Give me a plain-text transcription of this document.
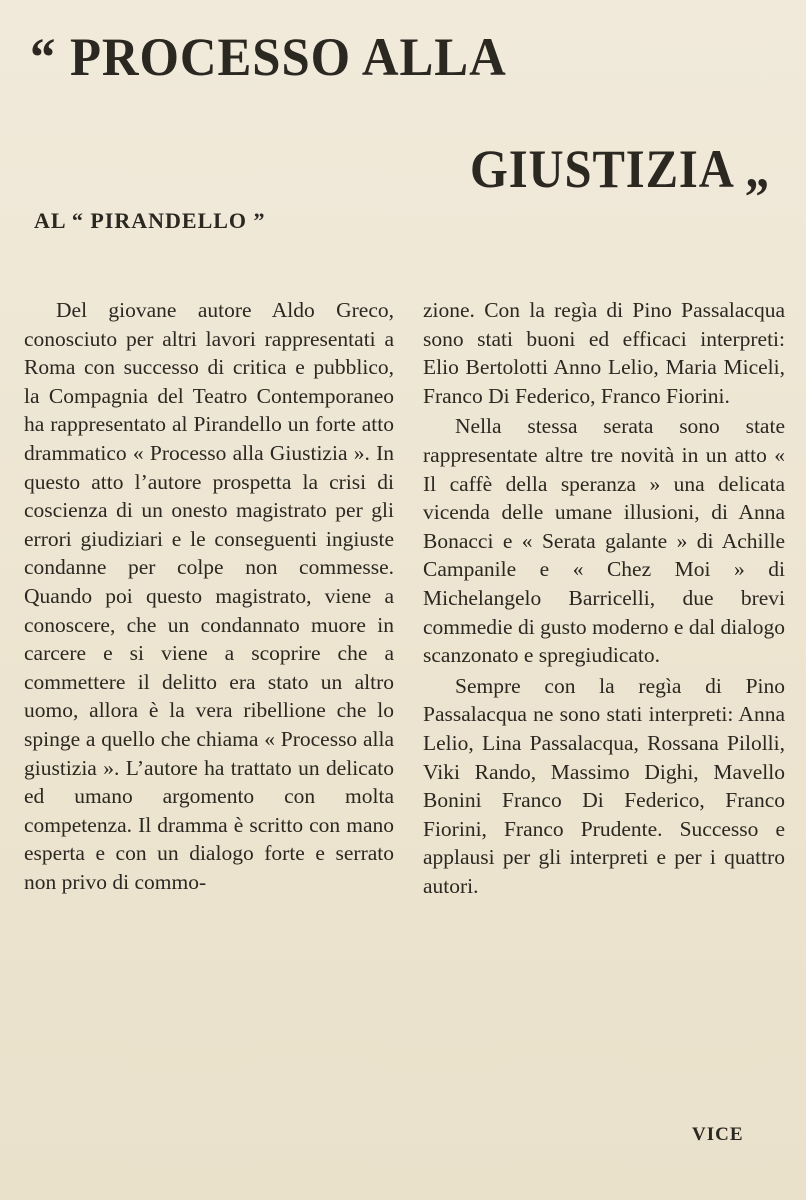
“ PROCESSO ALLA
GIUSTIZIA „
AL “ PIRANDELLO ”

Del giovane autore Aldo Greco, conosciuto per altri lavori rappresentati a Roma con successo di critica e pubblico, la Compagnia del Teatro Contemporaneo ha rappresentato al Pirandello un forte atto drammatico « Processo alla Giustizia ». In questo atto l’autore prospetta la crisi di coscienza di un onesto magistrato per gli errori giudiziari e le conseguenti ingiuste condanne per colpe non commesse. Quando poi questo magistrato, viene a conoscere, che un condannato muore in carcere e si viene a scoprire che a commettere il delitto era stato un altro uomo, allora è la vera ribellione che lo spinge a quello che chiama « Processo alla giustizia ». L’autore ha trattato un delicato ed umano argomento con molta competenza. Il dramma è scritto con mano esperta e con un dialogo forte e serrato non privo di commo-

zione. Con la regìa di Pino Passalacqua sono stati buoni ed efficaci interpreti: Elio Bertolotti Anno Lelio, Maria Miceli, Franco Di Federico, Franco Fiorini.

Nella stessa serata sono state rappresentate altre tre novità in un atto « Il caffè della speranza » una delicata vicenda delle umane illusioni, di Anna Bonacci e « Serata galante » di Achille Campanile e « Chez Moi » di Michelangelo Barricelli, due brevi commedie di gusto moderno e dal dialogo scanzonato e spregiudicato.

Sempre con la regìa di Pino Passalacqua ne sono stati interpreti: Anna Lelio, Lina Passalacqua, Rossana Pilolli, Viki Rando, Massimo Dighi, Mavello Bonini Franco Di Federico, Franco Fiorini, Franco Prudente. Successo e applausi per gli interpreti e per i quattro autori.

VICE
